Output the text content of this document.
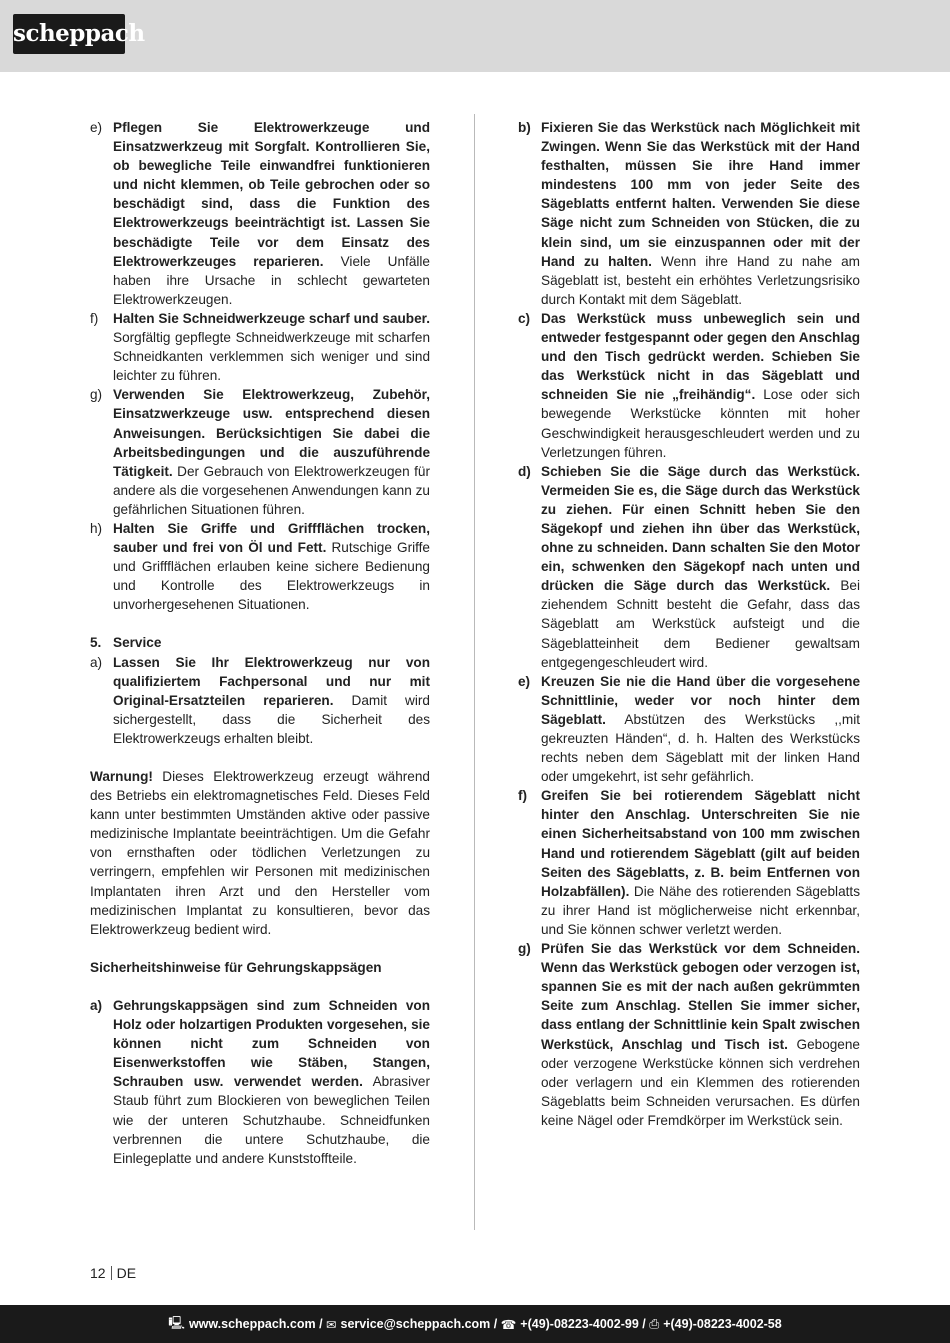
scheppach
e) Pflegen Sie Elektrowerkzeuge und Einsatzwerkzeug mit Sorgfalt. Kontrollieren Sie, ob bewegliche Teile einwandfrei funktionieren und nicht klemmen, ob Teile gebrochen oder so beschädigt sind, dass die Funktion des Elektrowerkzeugs beeinträchtigt ist. Lassen Sie beschädigte Teile vor dem Einsatz des Elektrowerkzeuges reparieren. Viele Unfälle haben ihre Ursache in schlecht gewarteten Elektrowerkzeugen.
f)	Halten Sie Schneidwerkzeuge scharf und sauber. Sorgfältig gepflegte Schneidwerkzeuge mit scharfen Schneidkanten verklemmen sich weniger und sind leichter zu führen.
g) Verwenden Sie Elektrowerkzeug, Zubehör, Einsatzwerkzeuge usw. entsprechend diesen Anweisungen. Berücksichtigen Sie dabei die Arbeitsbedingungen und die auszuführende Tätigkeit. Der Gebrauch von Elektrowerkzeugen für andere als die vorgesehenen Anwendungen kann zu gefährlichen Situationen führen.
h) Halten Sie Griffe und Griffflächen trocken, sauber und frei von Öl und Fett. Rutschige Griffe und Griffflächen erlauben keine sichere Bedienung und Kontrolle des Elektrowerkzeugs in unvorhergesehenen Situationen.
5. Service
a) Lassen Sie Ihr Elektrowerkzeug nur von qualifiziertem Fachpersonal und nur mit Original-Ersatzteilen reparieren. Damit wird sichergestellt, dass die Sicherheit des Elektrowerkzeugs erhalten bleibt.

Warnung! Dieses Elektrowerkzeug erzeugt während des Betriebs ein elektromagnetisches Feld. Dieses Feld kann unter bestimmten Umständen aktive oder passive medizinische Implantate beeinträchtigen. Um die Gefahr von ernsthaften oder tödlichen Verletzungen zu verringern, empfehlen wir Personen mit medizinischen Implantaten ihren Arzt und den Hersteller vom medizinischen Implantat zu konsultieren, bevor das Elektrowerkzeug bedient wird.

Sicherheitshinweise für Gehrungskappsägen

a) Gehrungskappsägen sind zum Schneiden von Holz oder holzartigen Produkten vorgesehen, sie können nicht zum Schneiden von Eisenwerkstoffen wie Stäben, Stangen, Schrauben usw. verwendet werden. Abrasiver Staub führt zum Blockieren von beweglichen Teilen wie der unteren Schutzhaube. Schneidfunken verbrennen die untere Schutzhaube, die Einlegeplatte und andere Kunststoffteile.
b) Fixieren Sie das Werkstück nach Möglichkeit mit Zwingen. Wenn Sie das Werkstück mit der Hand festhalten, müssen Sie ihre Hand immer mindestens 100 mm von jeder Seite des Sägeblatts entfernt halten. Verwenden Sie diese Säge nicht zum Schneiden von Stücken, die zu klein sind, um sie einzuspannen oder mit der Hand zu halten. Wenn ihre Hand zu nahe am Sägeblatt ist, besteht ein erhöhtes Verletzungsrisiko durch Kontakt mit dem Sägeblatt.
c) Das Werkstück muss unbeweglich sein und entweder festgespannt oder gegen den Anschlag und den Tisch gedrückt werden. Schieben Sie das Werkstück nicht in das Sägeblatt und schneiden Sie nie „freihändig“. Lose oder sich bewegende Werkstücke könnten mit hoher Geschwindigkeit herausgeschleudert werden und zu Verletzungen führen.
d) Schieben Sie die Säge durch das Werkstück. Vermeiden Sie es, die Säge durch das Werkstück zu ziehen. Für einen Schnitt heben Sie den Sägekopf und ziehen ihn über das Werkstück, ohne zu schneiden. Dann schalten Sie den Motor ein, schwenken den Sägekopf nach unten und drücken die Säge durch das Werkstück. Bei ziehendem Schnitt besteht die Gefahr, dass das Sägeblatt am Werkstück aufsteigt und die Sägeblatteinheit dem Bediener gewaltsam entgegengeschleudert wird.
e) Kreuzen Sie nie die Hand über die vorgesehene Schnittlinie, weder vor noch hinter dem Sägeblatt. Abstützen des Werkstücks ,,mit gekreuzten Händen“, d. h. Halten des Werkstücks rechts neben dem Sägeblatt mit der linken Hand oder umgekehrt, ist sehr gefährlich.
f)	Greifen Sie bei rotierendem Sägeblatt nicht hinter den Anschlag. Unterschreiten Sie nie einen Sicherheitsabstand von 100 mm zwischen Hand und rotierendem Sägeblatt (gilt auf beiden Seiten des Sägeblatts, z. B. beim Entfernen von Holzabfällen). Die Nähe des rotierenden Sägeblatts zu ihrer Hand ist möglicherweise nicht erkennbar, und Sie können schwer verletzt werden.
g) Prüfen Sie das Werkstück vor dem Schneiden. Wenn das Werkstück gebogen oder verzogen ist, spannen Sie es mit der nach außen gekrümmten Seite zum Anschlag. Stellen Sie immer sicher, dass entlang der Schnittlinie kein Spalt zwischen Werkstück, Anschlag und Tisch ist. Gebogene oder verzogene Werkstücke können sich verdrehen oder verlagern und ein Klemmen des rotierenden Sägeblatts beim Schneiden verursachen. Es dürfen keine Nägel oder Fremdkörper im Werkstück sein.
12 DE
🖳 www.scheppach.com / ✉ service@scheppach.com / ☎ +(49)-08223-4002-99 / ⎙ +(49)-08223-4002-58
